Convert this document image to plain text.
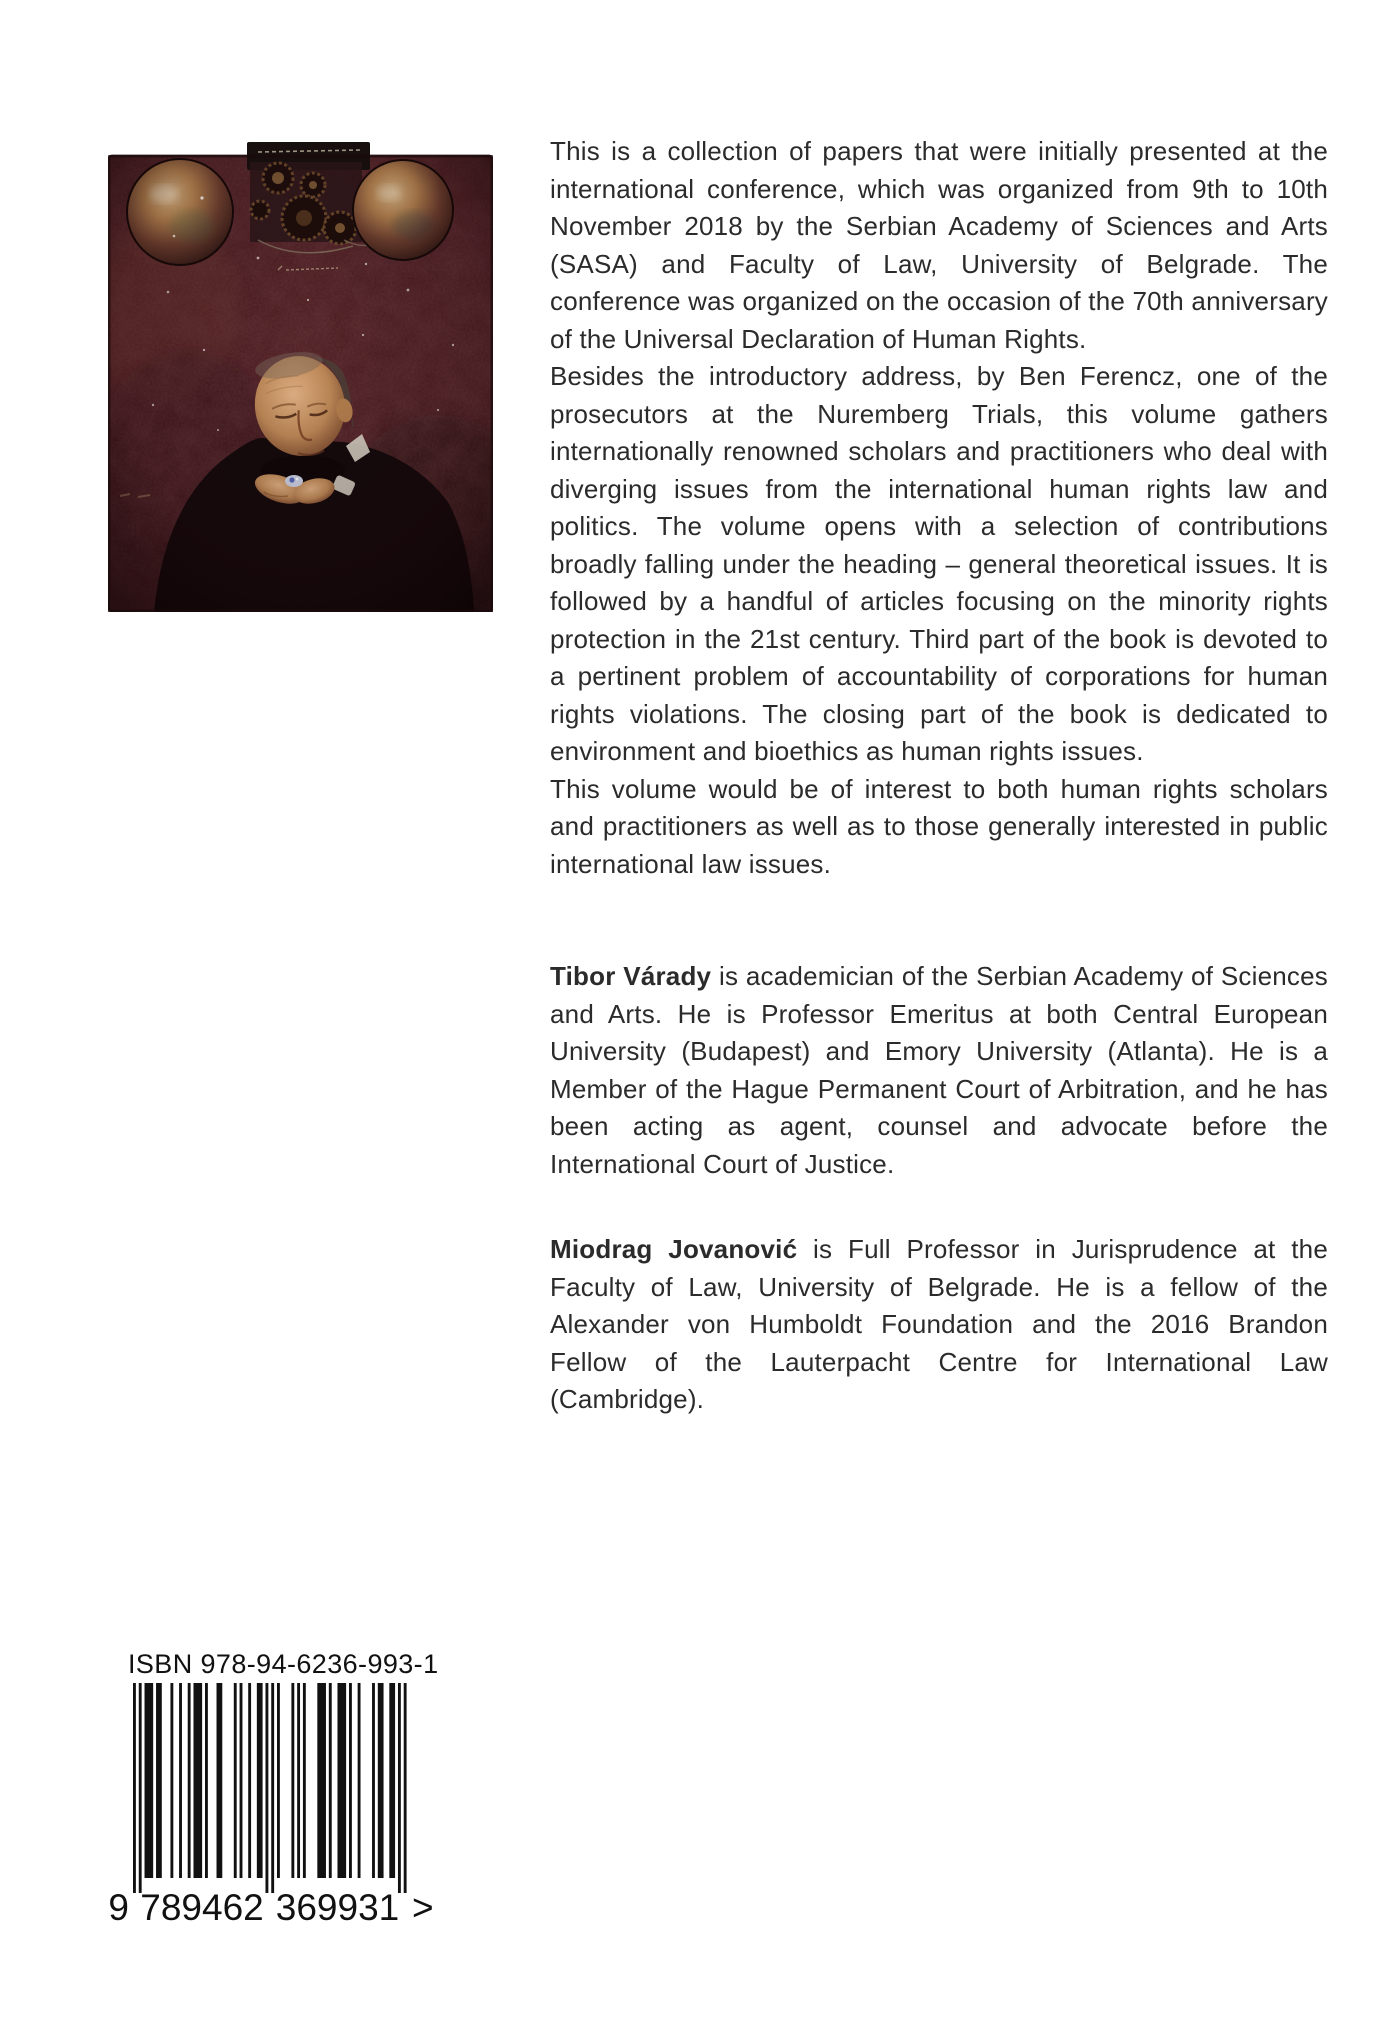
This is a collection of papers that were initially presented at the international conference, which was organized from 9th to 10th November 2018 by the Serbian Academy of Sciences and Arts (SASA) and Faculty of Law, University of Belgrade. The conference was organized on the occasion of the 70th anniversary of the Universal Declaration of Human Rights.

Besides the introductory address, by Ben Ferencz, one of the prosecutors at the Nuremberg Trials, this volume gathers internationally renowned scholars and practitioners who deal with diverging issues from the international human rights law and politics. The volume opens with a selection of contributions broadly falling under the heading – general theoretical issues. It is followed by a handful of articles focusing on the minority rights protection in the 21st century. Third part of the book is devoted to a pertinent problem of accountability of corporations for human rights violations. The closing part of the book is dedicated to environment and bioethics as human rights issues.

This volume would be of interest to both human rights scholars and practitioners as well as to those generally interested in public international law issues.

Tibor Várady is academician of the Serbian Academy of Sciences and Arts. He is Professor Emeritus at both Central European University (Budapest) and Emory University (Atlanta). He is a Member of the Hague Permanent Court of Arbitration, and he has been acting as agent, counsel and advocate before the International Court of Justice.
Miodrag Jovanović is Full Professor in Jurisprudence at the Faculty of Law, University of Belgrade. He is a fellow of the Alexander von Humboldt Foundation and the 2016 Brandon Fellow of the Lauterpacht Centre for International Law (Cambridge).
ISBN 978-94-6236-993-1
9 789462 369931 >
